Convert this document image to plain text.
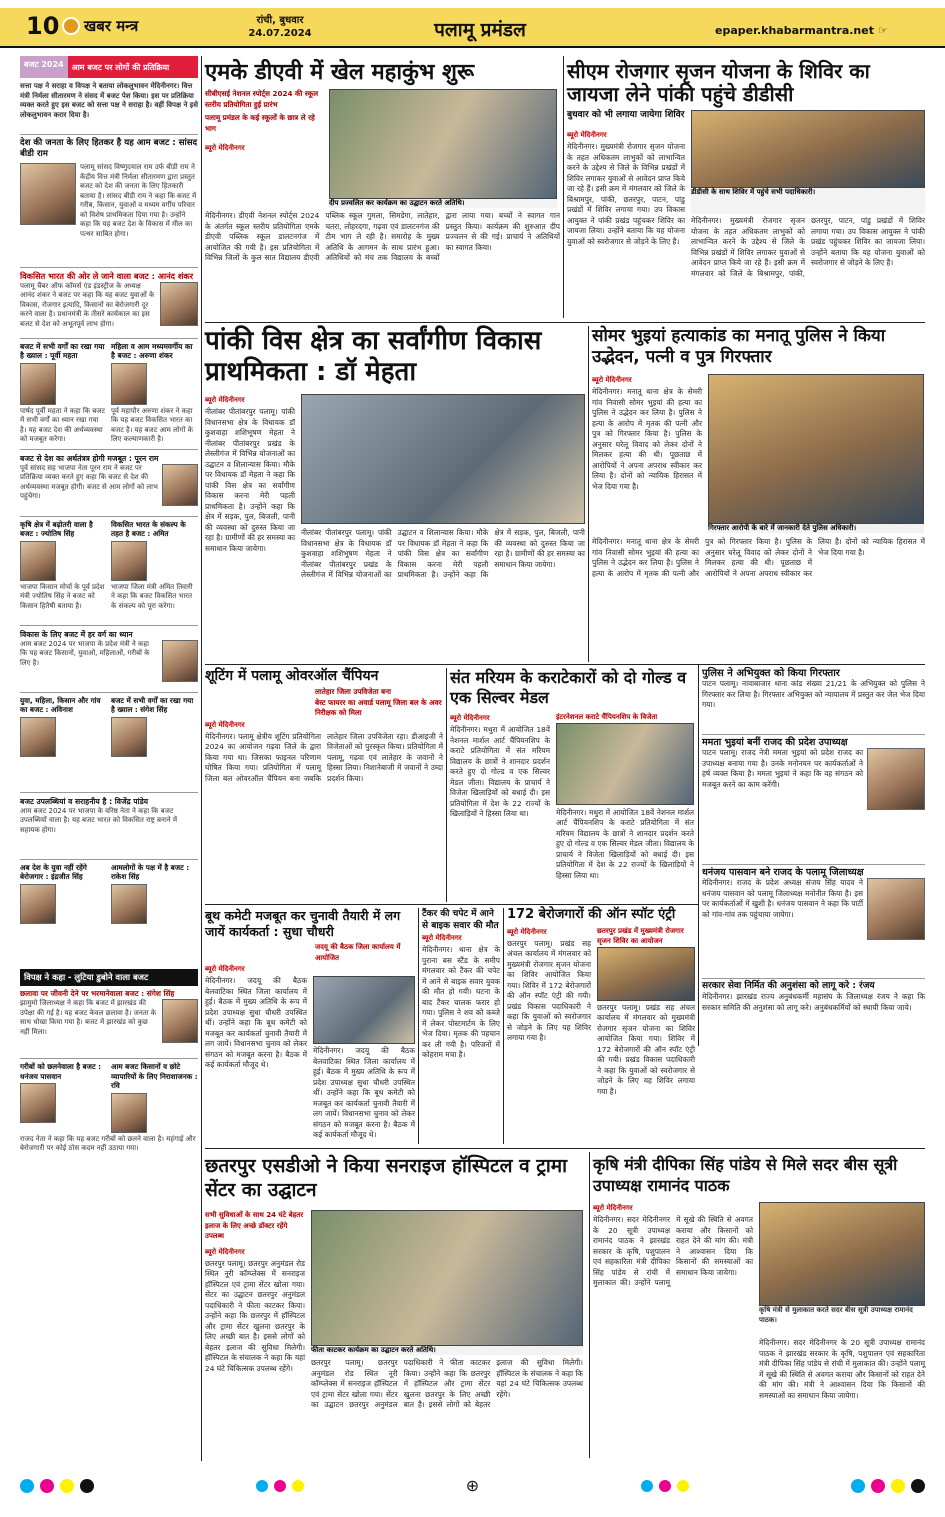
10 खबर मन्त्र	रांची, बुधवार
24.07.2024	पलामू प्रमंडल	epaper.khabarmantra.net ☞
बजट 2024	आम बजट पर लोगों की प्रतिक्रिया
सत्ता पक्ष ने सराहा व विपक्ष ने बताया लोकलुभावन मेदिनीनगर। वित्त मंत्री निर्मला सीतारमण ने संसद में बजट पेश किया। इस पर प्रतिक्रिया व्यक्त करते हुए इस बजट को सत्ता पक्ष ने सराहा है। वहीं विपक्ष ने इसे लोकलुभावन करार दिया है।
देश की जनता के लिए हितकर है यह आम बजट : सांसद बीडी राम
पलामू सांसद विष्णुदयाल राम उर्फ बीडी राम ने केंद्रीय वित्त मंत्री निर्मला सीतारमण द्वारा प्रस्तुत बजट को देश की जनता के लिए हितकारी बताया है। सांसद बीडी राम ने कहा कि बजट में गरीब, किसान, युवाओं व मध्यम वर्गीय परिवार को विशेष प्राथमिकता दिया गया है। उन्होंने कहा कि यह बजट देश के विकास में मील का पत्थर साबित होगा।
विकसित भारत की ओर ले जाने वाला बजट : आनंद शंकर
पलामू चैंबर ऑफ कॉमर्स एंड इंडस्ट्रीज के अध्यक्ष आनंद शंकर ने बजट पर कहा कि यह बजट युवाओं के विकास, रोजगार इत्यादि, किसानों का बेरोजगारी दूर करने वाला है। प्रधानमंत्री के तीसरे कार्यकाल का इस बजट से देश को अभूतपूर्व लाभ होगा।
बजट में सभी वर्गों का रखा गया है ख्याल : पूर्वी महता
पार्षद पूर्वी महता ने कहा कि बजट में सभी वर्गों का ध्यान रखा गया है। यह बजट देश की अर्थव्यवस्था को मजबूत करेगा।
महिला व आम मध्यमवर्गीय का है बजट : अरुणा शंकर
पूर्व महापौर अरुणा शंकर ने कहा कि यह बजट विकसित भारत का बजट है। यह बजट आम लोगों के लिए कल्याणकारी है।
बजट से देश का अर्थतंत्रत्र होगी मजबूत : पूरन राम
पूर्व सांसद सह भाजपा नेता पूरन राम ने बजट पर प्रतिक्रिया व्यक्त करते हुए कहा कि बजट से देश की अर्थव्यवस्था मजबूत होगी। बजट से आम लोगों को लाभ पहुंचेगा।
कृषि क्षेत्र में बढ़ोतरी वाला है बजट : ज्योतिष सिंह
भाजपा किसान मोर्चा के पूर्व प्रदेश मंत्री ज्योतिष सिंह ने बजट को किसान हितैषी बताया है।
विकसित भारत के संकल्प के तहत है बजट : अमित
भाजपा जिला मंत्री अमित तिवारी ने कहा कि बजट विकसित भारत के संकल्प को पूरा करेगा।
विकास के लिए बजट में हर वर्ग का ध्यान
आम बजट 2024 पर भाजपा के प्रदेश मंत्री ने कहा कि यह बजट किसानों, युवाओं, महिलाओं, गरीबों के लिए है।
युवा, महिला, किसान और गांव का बजट : अविनाश
बजट में सभी वर्गों का रखा गया है ख्याल : संगेश सिंह
बजट उपलब्धियां व सराहनीय है : विजेंद्र पांडेय
आम बजट 2024 पर भाजपा के वरिष्ठ नेता ने कहा कि बजट उपलब्धियों वाला है। यह बजट भारत को विकसित राष्ट्र बनाने में सहायक होगा।
अब देश के युवा नहीं रहेंगे बेरोजगार : इंद्रजीत सिंह
आमलोगों के पक्ष में है बजट : राकेश सिंह
विपक्ष ने कहा - लुटिया डुबोने वाला बजट
छलावा पर जीवनी देने पर भरमानेवाला बजट : संगेश सिंह
झामुमो जिलाध्यक्ष ने कहा कि बजट में झारखंड की उपेक्षा की गई है। यह बजट केवल छलावा है। जनता के साथ धोखा किया गया है। बजट में झारखंड को कुछ नहीं मिला।
गरीबों को छलनेवाला है बजट : धनंजय पासवान
आम बजट किसानों व छोटे व्यापारियों के लिए निराशाजनक : रवि
राजद नेता ने कहा कि यह बजट गरीबों को छलने वाला है। महंगाई और बेरोजगारी पर कोई ठोस कदम नहीं उठाया गया।
एमके डीएवी में खेल महाकुंभ शुरू
सीबीएसई नेशनल स्पोर्ट्स 2024 की स्कूल स्तरीय प्रतियोगिता हुई प्रारंभ
पलामू प्रमंडल के कई स्कूलों के छात्र ले रहे भाग
ब्यूरो मेदिनीनगर
दीप प्रज्वलित कर कार्यक्रम का उद्घाटन करते अतिथि।
मेदिनीनगर। डीएवी नेशनल स्पोर्ट्स 2024 के अंतर्गत स्कूल स्तरीय प्रतियोगिता एमके डीएवी पब्लिक स्कूल डालटनगंज में आयोजित की गयी है। इस प्रतियोगिता में विभिन्न जिलों के कुल सात विद्यालय डीएवी पब्लिक स्कूल गुमला, सिमडेगा, लातेहार, चतरा, लोहरदगा, गढ़वा एवं डालटनगंज की टीम भाग ले रही है। समारोह के मुख्य अतिथि के आगमन के साथ प्रारंभ हुआ। अतिथियों को मंच तक विद्यालय के बच्चों द्वारा लाया गया। बच्चों ने स्वागत गान प्रस्तुत किया। कार्यक्रम की शुरुआत दीप प्रज्वलन से की गई। प्राचार्य ने अतिथियों का स्वागत किया।
सीएम रोजगार सृजन योजना के शिविर का जायजा लेने पांकी पहुंचे डीडीसी
बुधवार को भी लगाया जायेगा शिविर
ब्यूरो मेदिनीनगर
मेदिनीनगर। मुख्यमंत्री रोजगार सृजन योजना के तहत अधिकतम लाभुकों को लाभान्वित करने के उद्देश्य से जिले के विभिन्न प्रखंडों में शिविर लगाकर युवाओं से आवेदन प्राप्त किये जा रहे हैं। इसी क्रम में मंगलवार को जिले के बिश्रामपुर, पांकी, छतरपुर, पाटन, पांडु प्रखंडों में शिविर लगाया गया। उप विकास आयुक्त ने पांकी प्रखंड पहुंचकर शिविर का जायजा लिया। उन्होंने बताया कि यह योजना युवाओं को स्वरोजगार से जोड़ने के लिए है।
डीडीसी के साथ शिविर में पहुंचे सभी पदाधिकारी।
मेदिनीनगर। मुख्यमंत्री रोजगार सृजन योजना के तहत अधिकतम लाभुकों को लाभान्वित करने के उद्देश्य से जिले के विभिन्न प्रखंडों में शिविर लगाकर युवाओं से आवेदन प्राप्त किये जा रहे हैं। इसी क्रम में मंगलवार को जिले के बिश्रामपुर, पांकी, छतरपुर, पाटन, पांडु प्रखंडों में शिविर लगाया गया। उप विकास आयुक्त ने पांकी प्रखंड पहुंचकर शिविर का जायजा लिया। उन्होंने बताया कि यह योजना युवाओं को स्वरोजगार से जोड़ने के लिए है।
पांकी विस क्षेत्र का सर्वांगीण विकास प्राथमिकता : डॉ मेहता
ब्यूरो मेदिनीनगर
नीलांबर पीतांबरपुर पलामू। पांकी विधानसभा क्षेत्र के विधायक डॉ कुशवाहा शशिभूषण मेहता ने नीलांबर पीतांबरपुर प्रखंड के लेस्लीगंज में विभिन्न योजनाओं का उद्घाटन व शिलान्यास किया। मौके पर विधायक डॉ मेहता ने कहा कि पांकी विस क्षेत्र का सर्वांगीण विकास करना मेरी पहली प्राथमिकता है। उन्होंने कहा कि क्षेत्र में सड़क, पुल, बिजली, पानी की व्यवस्था को दुरुस्त किया जा रहा है। ग्रामीणों की हर समस्या का समाधान किया जायेगा।
नीलांबर पीतांबरपुर पलामू। पांकी विधानसभा क्षेत्र के विधायक डॉ कुशवाहा शशिभूषण मेहता ने नीलांबर पीतांबरपुर प्रखंड के लेस्लीगंज में विभिन्न योजनाओं का उद्घाटन व शिलान्यास किया। मौके पर विधायक डॉ मेहता ने कहा कि पांकी विस क्षेत्र का सर्वांगीण विकास करना मेरी पहली प्राथमिकता है। उन्होंने कहा कि क्षेत्र में सड़क, पुल, बिजली, पानी की व्यवस्था को दुरुस्त किया जा रहा है। ग्रामीणों की हर समस्या का समाधान किया जायेगा।
सोमर भुइयां हत्याकांड का मनातू पुलिस ने किया उद्भेदन, पत्नी व पुत्र गिरफ्तार
ब्यूरो मेदिनीनगर
मेदिनीनगर। मनातू थाना क्षेत्र के सेमरी गांव निवासी सोमर भुइयां की हत्या का पुलिस ने उद्भेदन कर लिया है। पुलिस ने हत्या के आरोप में मृतक की पत्नी और पुत्र को गिरफ्तार किया है। पुलिस के अनुसार घरेलू विवाद को लेकर दोनों ने मिलकर हत्या की थी। पूछताछ में आरोपियों ने अपना अपराध स्वीकार कर लिया है। दोनों को न्यायिक हिरासत में भेज दिया गया है।
गिरफ्तार आरोपी के बारे में जानकारी देते पुलिस अधिकारी।
मेदिनीनगर। मनातू थाना क्षेत्र के सेमरी गांव निवासी सोमर भुइयां की हत्या का पुलिस ने उद्भेदन कर लिया है। पुलिस ने हत्या के आरोप में मृतक की पत्नी और पुत्र को गिरफ्तार किया है। पुलिस के अनुसार घरेलू विवाद को लेकर दोनों ने मिलकर हत्या की थी। पूछताछ में आरोपियों ने अपना अपराध स्वीकार कर लिया है। दोनों को न्यायिक हिरासत में भेज दिया गया है।
शूटिंग में पलामू ओवरऑल चैंपियन
लातेहार जिला उपविजेता बना
बेस्ट फायरर का अवार्ड पलामू जिला बल के अवर निरीक्षक को मिला
ब्यूरो मेदिनीनगर
मेदिनीनगर। पलामू क्षेत्रीय शूटिंग प्रतियोगिता 2024 का आयोजन गढ़वा जिले के द्वारा किया गया था। जिसका फाइनल परिणाम घोषित किया गया। प्रतियोगिता में पलामू जिला बल ओवरऑल चैंपियन बना जबकि लातेहार जिला उपविजेता रहा। डीआइजी ने विजेताओं को पुरस्कृत किया। प्रतियोगिता में पलामू, गढ़वा एवं लातेहार के जवानों ने हिस्सा लिया। निशानेबाजी में जवानों ने उम्दा प्रदर्शन किया।
संत मरियम के कराटेकारों को दो गोल्ड व एक सिल्वर मेडल
ब्यूरो मेदिनीनगर
मेदिनीनगर। मथुरा में आयोजित 18वें नेशनल मार्शल आर्ट चैंपियनशिप के कराटे प्रतियोगिता में संत मरियम विद्यालय के छात्रों ने शानदार प्रदर्शन करते हुए दो गोल्ड व एक सिल्वर मेडल जीता। विद्यालय के प्राचार्य ने विजेता खिलाड़ियों को बधाई दी। इस प्रतियोगिता में देश के 22 राज्यों के खिलाड़ियों ने हिस्सा लिया था।
इंटरनेशनल कराटे चैंपियनशिप के विजेता
मेदिनीनगर। मथुरा में आयोजित 18वें नेशनल मार्शल आर्ट चैंपियनशिप के कराटे प्रतियोगिता में संत मरियम विद्यालय के छात्रों ने शानदार प्रदर्शन करते हुए दो गोल्ड व एक सिल्वर मेडल जीता। विद्यालय के प्राचार्य ने विजेता खिलाड़ियों को बधाई दी। इस प्रतियोगिता में देश के 22 राज्यों के खिलाड़ियों ने हिस्सा लिया था।
पुलिस ने अभियुक्त को किया गिरफ्तार
पाटन पलामू। नावाबाजार थाना कांड संख्या 21/21 के अभियुक्त को पुलिस ने गिरफ्तार कर लिया है। गिरफ्तार अभियुक्त को न्यायालय में प्रस्तुत कर जेल भेज दिया गया।
ममता भुइयां बनीं राजद की प्रदेश उपाध्यक्ष
पाटन पलामू। राजद नेत्री ममता भुइयां को प्रदेश राजद का उपाध्यक्ष बनाया गया है। उनके मनोनयन पर कार्यकर्ताओं ने हर्ष व्यक्त किया है। ममता भुइयां ने कहा कि वह संगठन को मजबूत करने का काम करेंगी।
धनंजय पासवान बने राजद के पलामू जिलाध्यक्ष
मेदिनीनगर। राजद के प्रदेश अध्यक्ष संजय सिंह यादव ने धनंजय पासवान को पलामू जिलाध्यक्ष मनोनीत किया है। इस पर कार्यकर्ताओं में खुशी है। धनंजय पासवान ने कहा कि पार्टी को गांव-गांव तक पहुंचाया जायेगा।
सरकार सेवा निर्मित की अनुशंसा को लागू करे : रंजय
मेदिनीनगर। झारखंड राज्य अनुबंधकर्मी महासंघ के जिलाध्यक्ष रंजय ने कहा कि सरकार समिति की अनुशंसा को लागू करे। अनुबंधकर्मियों को स्थायी किया जाये।
बूथ कमेटी मजबूत कर चुनावी तैयारी में लग जायें कार्यकर्ता : सुधा चौधरी
जदयू की बैठक जिला कार्यालय में आयोजित
ब्यूरो मेदिनीनगर
मेदिनीनगर। जदयू की बैठक बेलवाटिका स्थित जिला कार्यालय में हुई। बैठक में मुख्य अतिथि के रूप में प्रदेश उपाध्यक्ष सुधा चौधरी उपस्थित थीं। उन्होंने कहा कि बूथ कमेटी को मजबूत कर कार्यकर्ता चुनावी तैयारी में लग जायें। विधानसभा चुनाव को लेकर संगठन को मजबूत करना है। बैठक में कई कार्यकर्ता मौजूद थे।
मेदिनीनगर। जदयू की बैठक बेलवाटिका स्थित जिला कार्यालय में हुई। बैठक में मुख्य अतिथि के रूप में प्रदेश उपाध्यक्ष सुधा चौधरी उपस्थित थीं। उन्होंने कहा कि बूथ कमेटी को मजबूत कर कार्यकर्ता चुनावी तैयारी में लग जायें। विधानसभा चुनाव को लेकर संगठन को मजबूत करना है। बैठक में कई कार्यकर्ता मौजूद थे।
टैंकर की चपेट में आने से बाइक सवार की मौत
ब्यूरो मेदिनीनगर
मेदिनीनगर। थाना क्षेत्र के पुराना बस स्टैंड के समीप मंगलवार को टैंकर की चपेट में आने से बाइक सवार युवक की मौत हो गयी। घटना के बाद टैंकर चालक फरार हो गया। पुलिस ने शव को कब्जे में लेकर पोस्टमार्टम के लिए भेज दिया। मृतक की पहचान कर ली गयी है। परिजनों में कोहराम मचा है।
172 बेरोजगारों की ऑन स्पॉट एंट्री
ब्यूरो मेदिनीनगर
छतरपुर पलामू। प्रखंड सह अंचल कार्यालय में मंगलवार को मुख्यमंत्री रोजगार सृजन योजना का शिविर आयोजित किया गया। शिविर में 172 बेरोजगारों की ऑन स्पॉट एंट्री की गयी। प्रखंड विकास पदाधिकारी ने कहा कि युवाओं को स्वरोजगार से जोड़ने के लिए यह शिविर लगाया गया है।
छतरपुर प्रखंड में मुख्यमंत्री रोजगार सृजन शिविर का आयोजन
छतरपुर पलामू। प्रखंड सह अंचल कार्यालय में मंगलवार को मुख्यमंत्री रोजगार सृजन योजना का शिविर आयोजित किया गया। शिविर में 172 बेरोजगारों की ऑन स्पॉट एंट्री की गयी। प्रखंड विकास पदाधिकारी ने कहा कि युवाओं को स्वरोजगार से जोड़ने के लिए यह शिविर लगाया गया है।
छतरपुर एसडीओ ने किया सनराइज हॉस्पिटल व ट्रामा सेंटर का उद्घाटन
सभी सुविधाओं के साथ 24 घंटे बेहतर इलाज के लिए अच्छे डॉक्टर रहेंगे उपलब्ध
ब्यूरो मेदिनीनगर
छतरपुर पलामू। छतरपुर अनुमंडल रोड स्थित नूरी कॉम्प्लेक्स में सनराइज हॉस्पिटल एवं ट्रामा सेंटर खोला गया। सेंटर का उद्घाटन छतरपुर अनुमंडल पदाधिकारी ने फीता काटकर किया। उन्होंने कहा कि छतरपुर में हॉस्पिटल और ट्रामा सेंटर खुलना छतरपुर के लिए अच्छी बात है। इससे लोगों को बेहतर इलाज की सुविधा मिलेगी। हॉस्पिटल के संचालक ने कहा कि यहां 24 घंटे चिकित्सक उपलब्ध रहेंगे।
फीता काटकर कार्यक्रम का उद्घाटन करते अतिथि।
छतरपुर पलामू। छतरपुर अनुमंडल रोड स्थित नूरी कॉम्प्लेक्स में सनराइज हॉस्पिटल एवं ट्रामा सेंटर खोला गया। सेंटर का उद्घाटन छतरपुर अनुमंडल पदाधिकारी ने फीता काटकर किया। उन्होंने कहा कि छतरपुर में हॉस्पिटल और ट्रामा सेंटर खुलना छतरपुर के लिए अच्छी बात है। इससे लोगों को बेहतर इलाज की सुविधा मिलेगी। हॉस्पिटल के संचालक ने कहा कि यहां 24 घंटे चिकित्सक उपलब्ध रहेंगे।
कृषि मंत्री दीपिका सिंह पांडेय से मिले सदर बीस सूत्री उपाध्यक्ष रामानंद पाठक
ब्यूरो मेदिनीनगर
मेदिनीनगर। सदर मेदिनीनगर के 20 सूत्री उपाध्यक्ष रामानंद पाठक ने झारखंड सरकार के कृषि, पशुपालन एवं सहकारिता मंत्री दीपिका सिंह पांडेय से रांची में मुलाकात की। उन्होंने पलामू में सूखे की स्थिति से अवगत कराया और किसानों को राहत देने की मांग की। मंत्री ने आश्वासन दिया कि किसानों की समस्याओं का समाधान किया जायेगा।
कृषि मंत्री से मुलाकात करते सदर बीस सूत्री उपाध्यक्ष रामानंद पाठक।
मेदिनीनगर। सदर मेदिनीनगर के 20 सूत्री उपाध्यक्ष रामानंद पाठक ने झारखंड सरकार के कृषि, पशुपालन एवं सहकारिता मंत्री दीपिका सिंह पांडेय से रांची में मुलाकात की। उन्होंने पलामू में सूखे की स्थिति से अवगत कराया और किसानों को राहत देने की मांग की। मंत्री ने आश्वासन दिया कि किसानों की समस्याओं का समाधान किया जायेगा।
⊕
